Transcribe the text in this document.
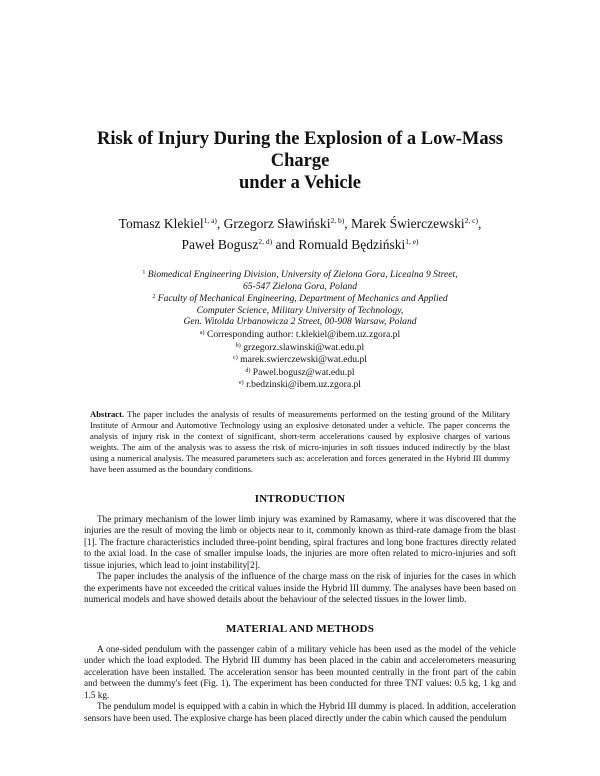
Risk of Injury During the Explosion of a Low-Mass Charge
under a Vehicle
Tomasz Klekiel$^{1, a)}$, Grzegorz Sławiński$^{2, b)}$, Marek Świerczewski$^{2, c)}$,
Paweł Bogusz$^{2, d)}$ and Romuald Będziński$^{1, e)}$
$^1$ Biomedical Engineering Division, University of Zielona Gora, Licealna 9 Street,
65-547 Zielona Gora, Poland
$^2$ Faculty of Mechanical Engineering, Department of Mechanics and Applied
Computer Science, Military University of Technology,
Gen. Witolda Urbanowicza 2 Street, 00-908 Warsaw, Poland
$^{a)}$ Corresponding author: t.klekiel@ibem.uz.zgora.pl
$^{b)}$ grzegorz.slawinski@wat.edu.pl
$^{c)}$ marek.swierczewski@wat.edu.pl
$^{d)}$ Pawel.bogusz@wat.edu.pl
$^{e)}$ r.bedzinski@ibem.uz.zgora.pl

Abstract. The paper includes the analysis of results of measurements performed on the testing ground of the Military Institute of Armour and Automotive Technology using an explosive detonated under a vehicle. The paper concerns the analysis of injury risk in the context of significant, short-term accelerations caused by explosive charges of various weights. The aim of the analysis was to assess the risk of micro-injuries in soft tissues induced indirectly by the blast using a numerical analysis. The measured parameters such as: acceleration and forces generated in the Hybrid III dummy have been assumed as the boundary conditions.

INTRODUCTION

The primary mechanism of the lower limb injury was examined by Ramasamy, where it was discovered that the injuries are the result of moving the limb or objects near to it, commonly known as third-rate damage from the blast [1]. The fracture characteristics included three-point bending, spiral fractures and long bone fractures directly related to the axial load. In the case of smaller impulse loads, the injuries are more often related to micro-injuries and soft tissue injuries, which lead to joint instability[2].

The paper includes the analysis of the influence of the charge mass on the risk of injuries for the cases in which the experiments have not exceeded the critical values inside the Hybrid III dummy. The analyses have been based on numerical models and have showed details about the behaviour of the selected tissues in the lower limb.

MATERIAL AND METHODS

A one-sided pendulum with the passenger cabin of a military vehicle has been used as the model of the vehicle under which the load exploded. The Hybrid III dummy has been placed in the cabin and accelerometers measuring acceleration have been installed. The acceleration sensor has been mounted centrally in the front part of the cabin and between the dummy's feet (Fig. 1). The experiment has been conducted for three TNT values: 0.5 kg, 1 kg and 1.5 kg.

The pendulum model is equipped with a cabin in which the Hybrid III dummy is placed. In addition, acceleration sensors have been used. The explosive charge has been placed directly under the cabin which caused the pendulum
